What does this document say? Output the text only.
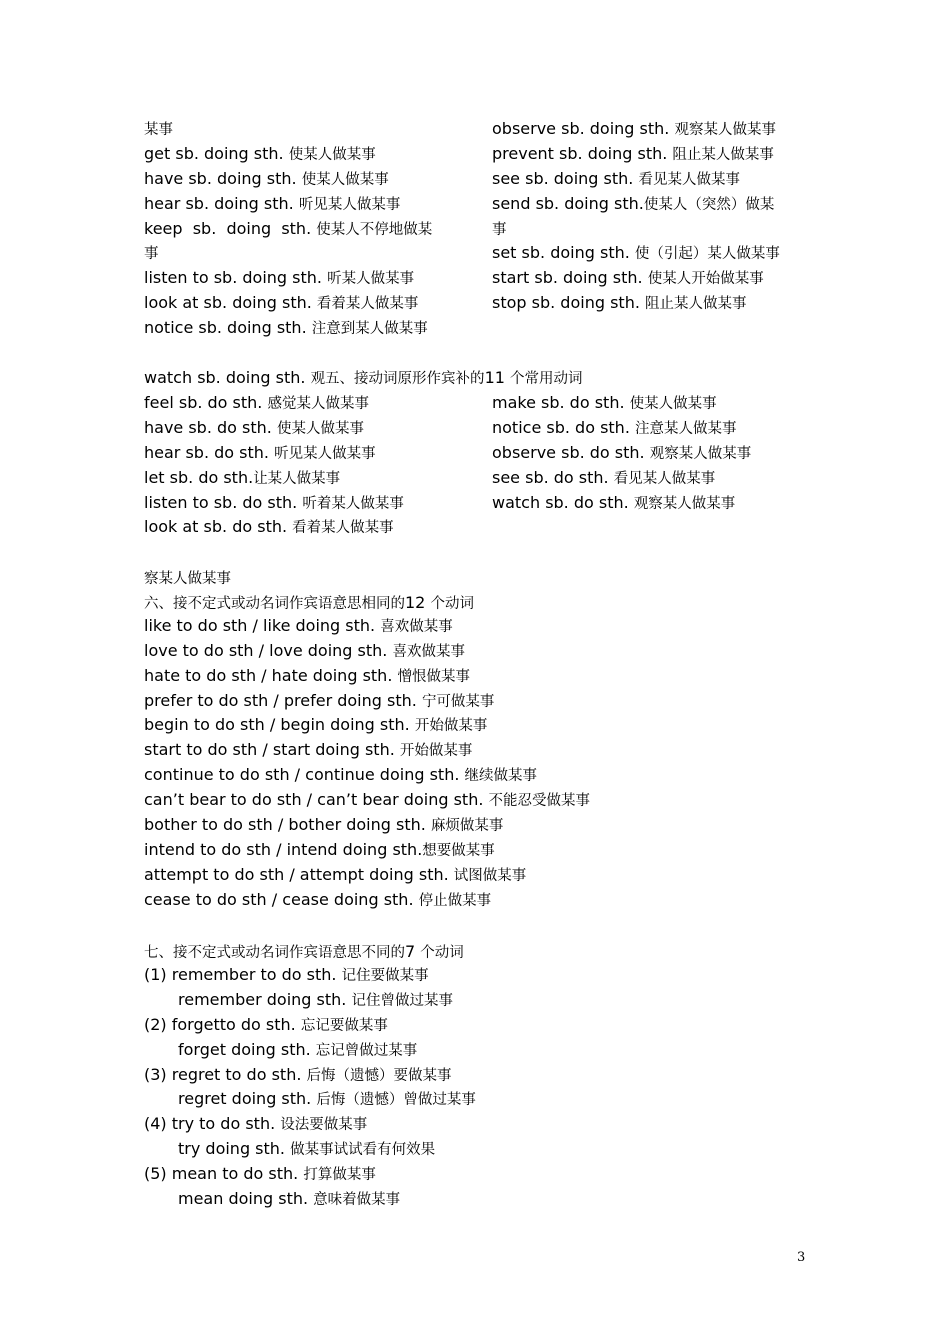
某事
get sb. doing sth. 使某人做某事
have sb. doing sth. 使某人做某事
hear sb. doing sth. 听见某人做某事
keep  sb.  doing  sth. 使某人不停地做某
事
listen to sb. doing sth. 听某人做某事
look at sb. doing sth. 看着某人做某事
notice sb. doing sth. 注意到某人做某事
observe sb. doing sth. 观察某人做某事
prevent sb. doing sth. 阻止某人做某事
see sb. doing sth. 看见某人做某事
send sb. doing sth.使某人（突然）做某
事
set sb. doing sth. 使（引起）某人做某事
start sb. doing sth. 使某人开始做某事
stop sb. doing sth. 阻止某人做某事
watch sb. doing sth. 观五、接动词原形作宾补的11 个常用动词
feel sb. do sth. 感觉某人做某事
have sb. do sth. 使某人做某事
hear sb. do sth. 听见某人做某事
let sb. do sth.让某人做某事
listen to sb. do sth. 听着某人做某事
look at sb. do sth. 看着某人做某事
make sb. do sth. 使某人做某事
notice sb. do sth. 注意某人做某事
observe sb. do sth. 观察某人做某事
see sb. do sth. 看见某人做某事
watch sb. do sth. 观察某人做某事
察某人做某事
六、接不定式或动名词作宾语意思相同的12 个动词
like to do sth / like doing sth. 喜欢做某事
love to do sth / love doing sth. 喜欢做某事
hate to do sth / hate doing sth. 憎恨做某事
prefer to do sth / prefer doing sth. 宁可做某事
begin to do sth / begin doing sth. 开始做某事
start to do sth / start doing sth. 开始做某事
continue to do sth / continue doing sth. 继续做某事
can’t bear to do sth / can’t bear doing sth. 不能忍受做某事
bother to do sth / bother doing sth. 麻烦做某事
intend to do sth / intend doing sth.想要做某事
attempt to do sth / attempt doing sth. 试图做某事
cease to do sth / cease doing sth. 停止做某事
七、接不定式或动名词作宾语意思不同的7 个动词
(1) remember to do sth. 记住要做某事
remember doing sth. 记住曾做过某事
(2) forgetto do sth. 忘记要做某事
forget doing sth. 忘记曾做过某事
(3) regret to do sth. 后悔（遗憾）要做某事
regret doing sth. 后悔（遗憾）曾做过某事
(4) try to do sth. 设法要做某事
try doing sth. 做某事试试看有何效果
(5) mean to do sth. 打算做某事
mean doing sth. 意味着做某事
3
